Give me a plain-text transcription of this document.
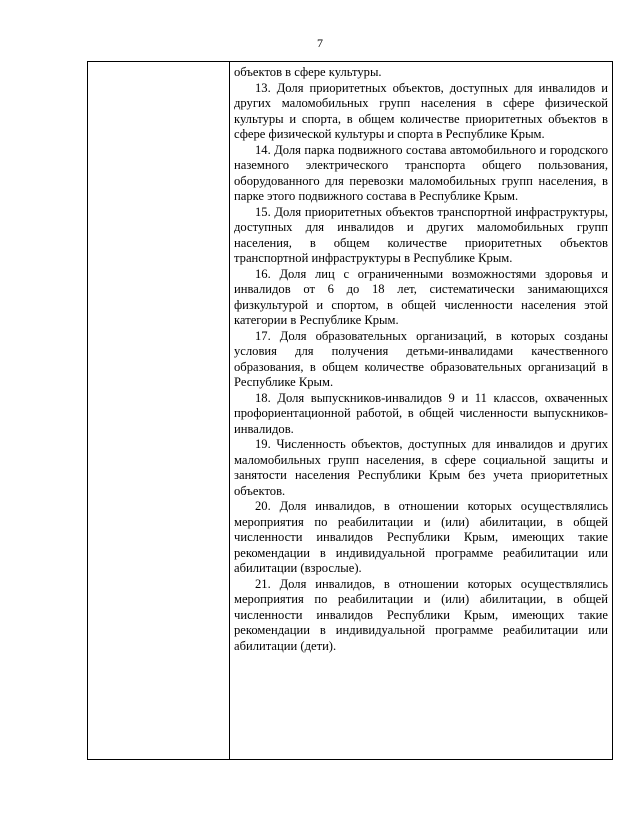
7

объектов в сфере культуры.

13. Доля приоритетных объектов, доступных для инвалидов и других маломобильных групп населения в сфере физической культуры и спорта, в общем количестве приоритетных объектов в сфере физической культуры и спорта в Республике Крым.

14. Доля парка подвижного состава автомобильного и городского наземного электрического транспорта общего пользования, оборудованного для перевозки маломобильных групп населения, в парке этого подвижного состава в Республике Крым.

15. Доля приоритетных объектов транспортной инфраструктуры, доступных для инвалидов и других маломобильных групп населения, в общем количестве приоритетных объектов транспортной инфраструктуры в Республике Крым.

16. Доля лиц с ограниченными возможностями здоровья и инвалидов от 6 до 18 лет, систематически занимающихся физкультурой и спортом, в общей численности населения этой категории в Республике Крым.

17. Доля образовательных организаций, в которых созданы условия для получения детьми-инвалидами качественного образования, в общем количестве образовательных организаций в Республике Крым.

18. Доля выпускников-инвалидов 9 и 11 классов, охваченных профориентационной работой, в общей численности выпускников-инвалидов.

19. Численность объектов, доступных для инвалидов и других маломобильных групп населения, в сфере социальной защиты и занятости населения Республики Крым без учета приоритетных объектов.

20. Доля инвалидов, в отношении которых осуществлялись мероприятия по реабилитации и (или) абилитации, в общей численности инвалидов Республики Крым, имеющих такие рекомендации в индивидуальной программе реабилитации или абилитации (взрослые).

21. Доля инвалидов, в отношении которых осуществлялись мероприятия по реабилитации и (или) абилитации, в общей численности инвалидов Республики Крым, имеющих такие рекомендации в индивидуальной программе реабилитации или абилитации (дети).
